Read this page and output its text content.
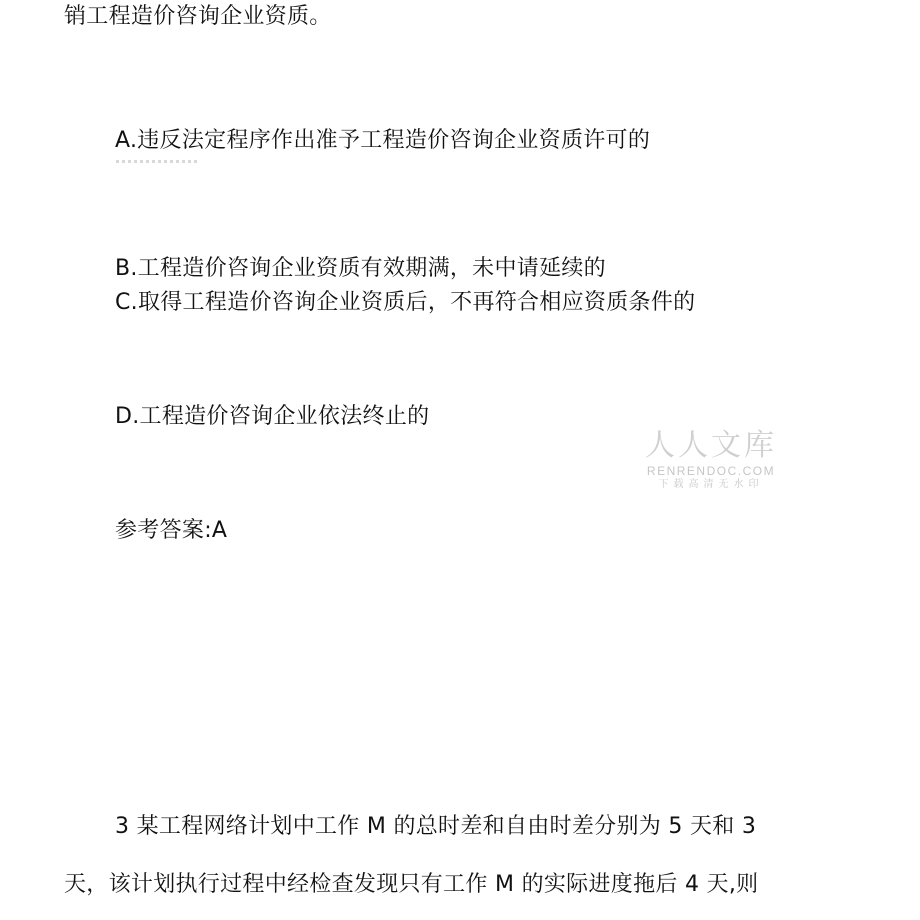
销工程造价咨询企业资质。
A.违反法定程序作出准予工程造价咨询企业资质许可的
B.工程造价咨询企业资质有效期满，未中请延续的
C.取得工程造价咨询企业资质后，不再符合相应资质条件的
D.工程造价咨询企业依法终止的
参考答案:A
3 某工程网络计划中工作 M 的总时差和自由时差分别为 5 天和 3
天，该计划执行过程中经检查发现只有工作 M 的实际进度拖后 4 天,则
人人文库
RENRENDOC.COM
下载高清无水印
